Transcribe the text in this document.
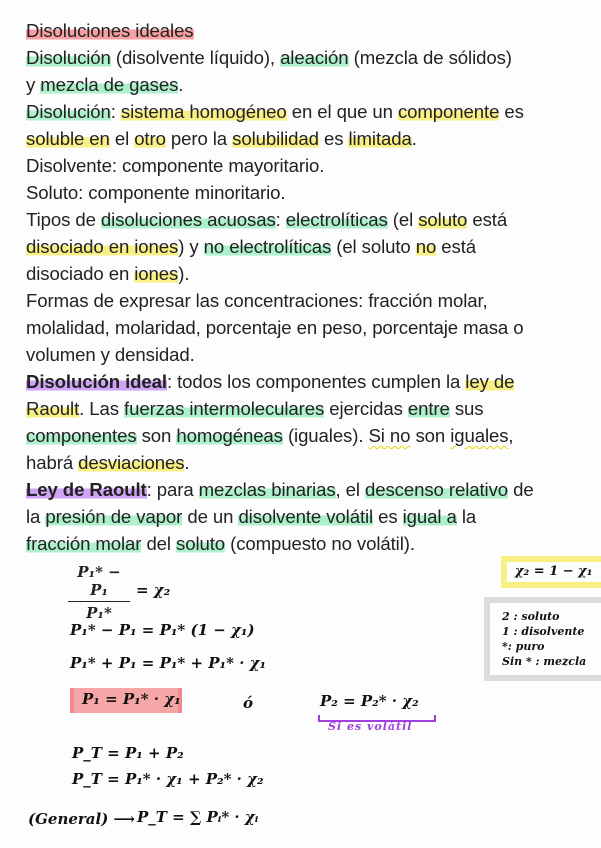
Disoluciones ideales
Disolución (disolvente líquido), aleación (mezcla de sólidos)
y mezcla de gases.
Disolución: sistema homogéneo en el que un componente es
soluble en el otro pero la solubilidad es limitada.
Disolvente: componente mayoritario.
Soluto: componente minoritario.
Tipos de disoluciones acuosas: electrolíticas (el soluto está
disociado en iones) y no electrolíticas (el soluto no está
disociado en iones).
Formas de expresar las concentraciones: fracción molar,
molalidad, molaridad, porcentaje en peso, porcentaje masa o
volumen y densidad.
Disolución ideal: todos los componentes cumplen la ley de
Raoult. Las fuerzas intermoleculares ejercidas entre sus
componentes son homogéneas (iguales). Si no son iguales,
habrá desviaciones.
Ley de Raoult: para mezclas binarias, el descenso relativo de
la presión de vapor de un disolvente volátil es igual a la
fracción molar del soluto (compuesto no volátil).
$\frac{\text{P₁* − P₁}}{\text{P₁*}} = \chi_2$
P₁* − P₁ = P₁* (1 − χ₁)
P₁* + P₁ = P₁* + P₁* · χ₁
P₁ = P₁* · χ₁	ó	P₂ = P₂* · χ₂
Si es volátil
P_T = P₁ + P₂
P_T = P₁* · χ₁ + P₂* · χ₂
(General) ⟶ P_T = ∑ Pᵢ* · χᵢ
χ₂ = 1 − χ₁
2 : soluto
1 : disolvente
*: puro
Sin * : mezcla
